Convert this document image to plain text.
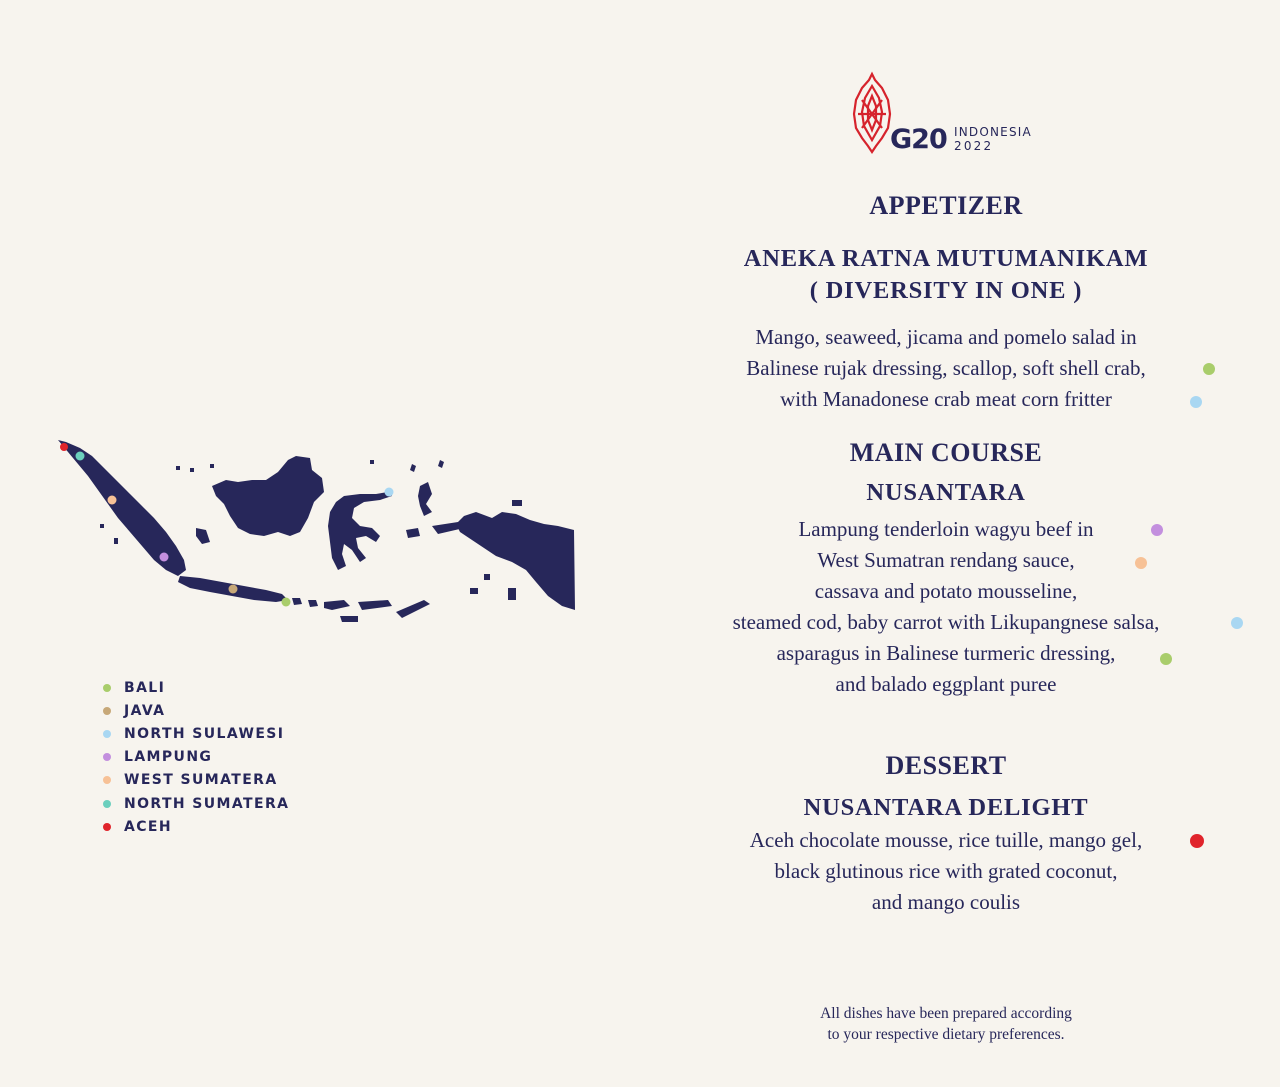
BALI
JAVA
NORTH SULAWESI
LAMPUNG
WEST SUMATERA
NORTH SUMATERA
ACEH
G20 INDONESIA
2022
APPETIZER
ANEKA RATNA MUTUMANIKAM
( DIVERSITY IN ONE )
Mango, seaweed, jicama and pomelo salad in
Balinese rujak dressing, scallop, soft shell crab,
with Manadonese crab meat corn fritter
MAIN COURSE
NUSANTARA
Lampung tenderloin wagyu beef in
West Sumatran rendang sauce,
cassava and potato mousseline,
steamed cod, baby carrot with Likupangnese salsa,
asparagus in Balinese turmeric dressing,
and balado eggplant puree
DESSERT
NUSANTARA DELIGHT
Aceh chocolate mousse, rice tuille, mango gel,
black glutinous rice with grated coconut,
and mango coulis
All dishes have been prepared according
to your respective dietary preferences.
